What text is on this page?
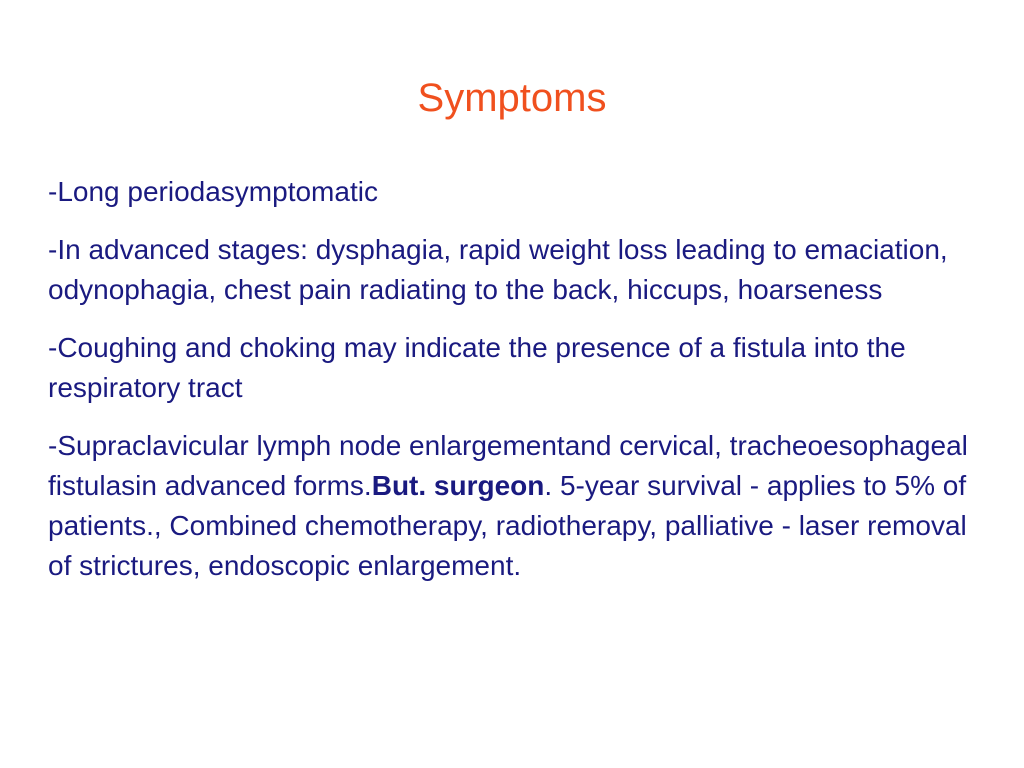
Symptoms

-Long periodasymptomatic

-In advanced stages: dysphagia, rapid weight loss leading to emaciation, odynophagia, chest pain radiating to the back, hiccups, hoarseness

-Coughing and choking may indicate the presence of a fistula into the respiratory tract

-Supraclavicular lymph node enlargementand cervical, tracheoesophageal fistulasin advanced forms.But. surgeon. 5-year survival - applies to 5% of patients., Combined chemotherapy, radiotherapy, palliative - laser removal of strictures, endoscopic enlargement.
